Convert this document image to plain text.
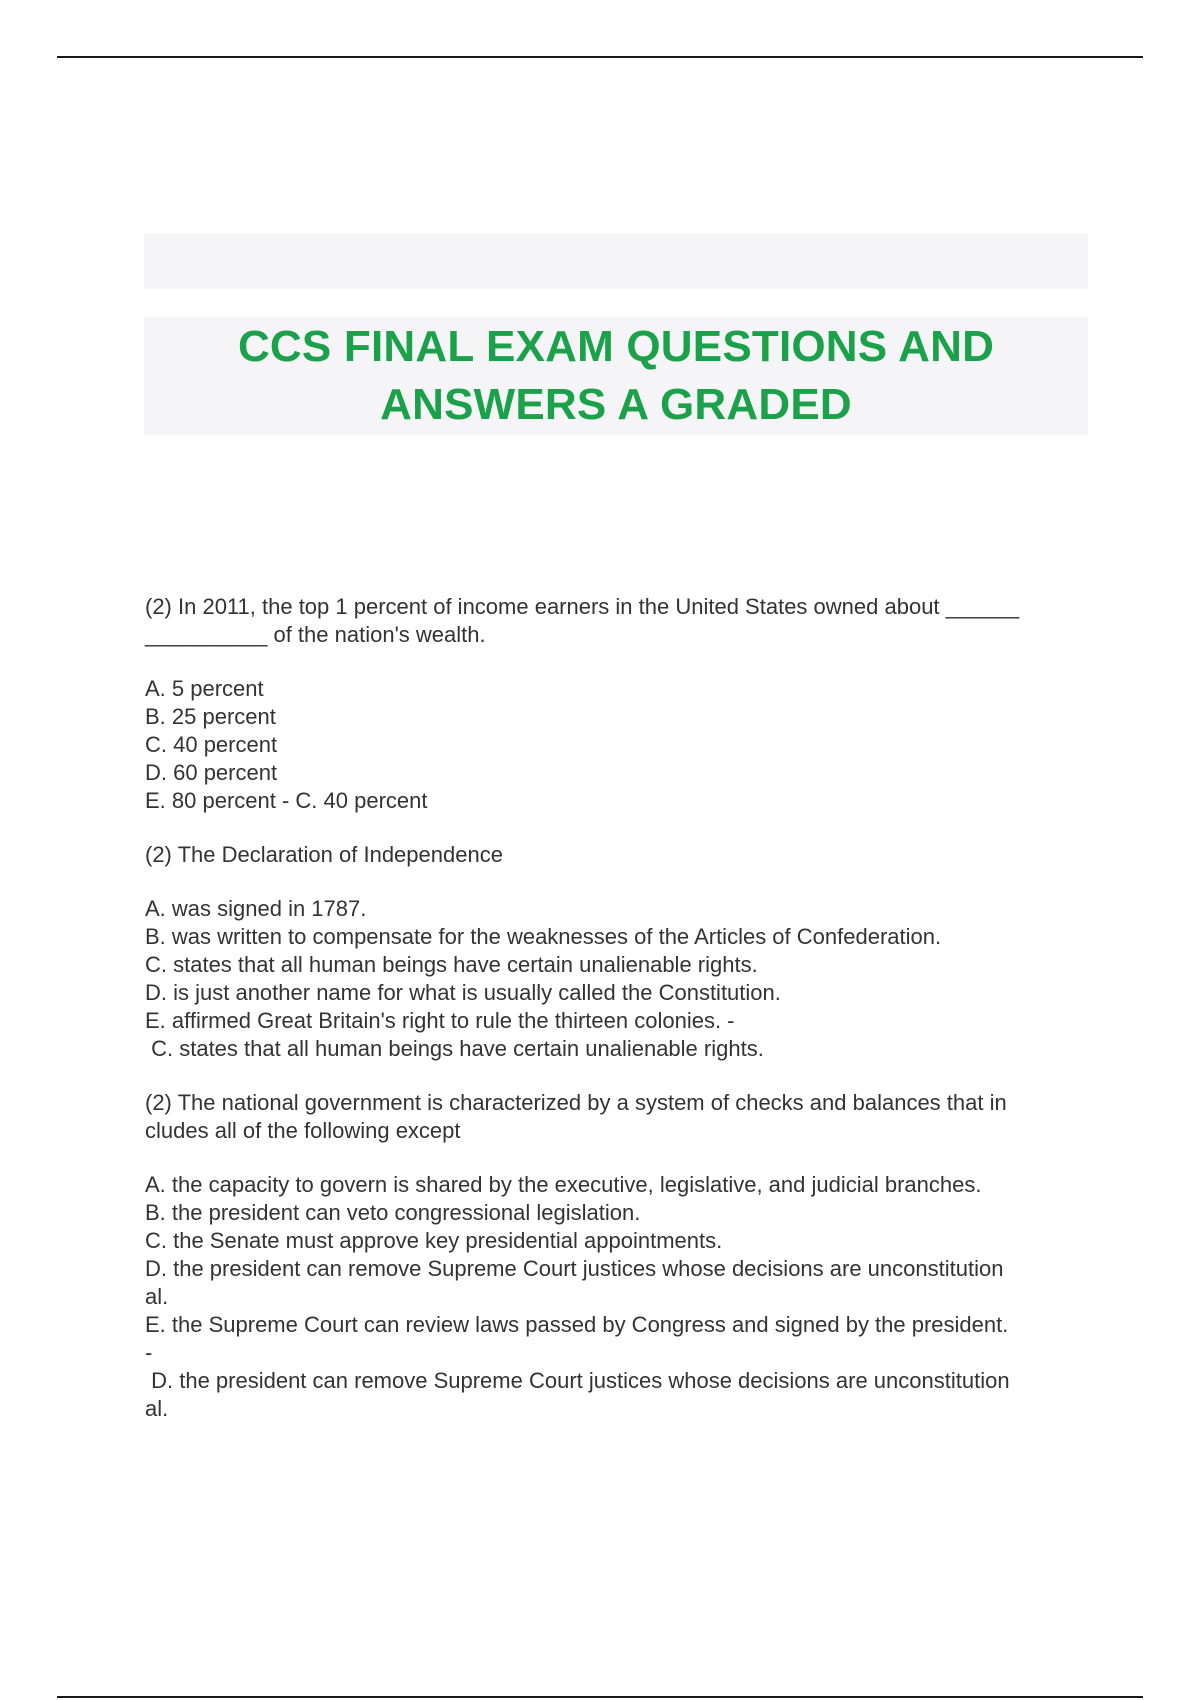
CCS FINAL EXAM QUESTIONS AND
ANSWERS A GRADED
(2) In 2011, the top 1 percent of income earners in the United States owned about ______
__________ of the nation's wealth.
A. 5 percent
B. 25 percent
C. 40 percent
D. 60 percent
E. 80 percent - C. 40 percent
(2) The Declaration of Independence
A. was signed in 1787.
B. was written to compensate for the weaknesses of the Articles of Confederation.
C. states that all human beings have certain unalienable rights.
D. is just another name for what is usually called the Constitution.
E. affirmed Great Britain's right to rule the thirteen colonies. -
C. states that all human beings have certain unalienable rights.
(2) The national government is characterized by a system of checks and balances that in
cludes all of the following except
A. the capacity to govern is shared by the executive, legislative, and judicial branches.
B. the president can veto congressional legislation.
C. the Senate must approve key presidential appointments.
D. the president can remove Supreme Court justices whose decisions are unconstitution
al.
E. the Supreme Court can review laws passed by Congress and signed by the president.
-
D. the president can remove Supreme Court justices whose decisions are unconstitution
al.
